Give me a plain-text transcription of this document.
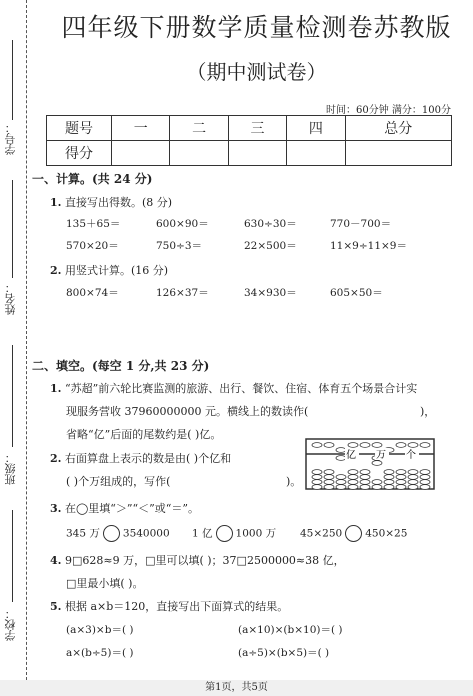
学号：
姓名：
班级：
学校：
四年级下册数学质量检测卷苏教版
（期中测试卷）
时间：60分钟 满分：100分
题号	一	二	三	四	总分
得分					
一、计算。(共 24 分)
1. 直接写出得数。(8 分)
135＋65＝	600×90＝	630÷30＝	770－700＝
570×20＝	750÷3＝	22×500＝	11×9÷11×9＝
2. 用竖式计算。(16 分)
800×74＝	126×37＝	34×930＝	605×50＝
二、填空。(每空 1 分,共 23 分)
1. “苏超”前六轮比赛监测的旅游、出行、餐饮、住宿、体育五个场景合计实
现服务营收 37960000000 元。横线上的数读作(	)，
省略“亿”后面的尾数约是( )亿。
2. 右面算盘上表示的数是由( )个亿和
( )个万组成的，写作(	)。
亿 万 个
3. 在◯里填“＞”“＜”或“＝”。
345 万 3540000 1 亿 1000 万 45×250 450×25
4. 9□628≈9 万，□里可以填( )；37□2500000≈38 亿，
□里最小填( )。
5. 根据 a×b＝120，直接写出下面算式的结果。
(a×3)×b＝( )	(a×10)×(b×10)＝( )
a×(b÷5)＝( )	(a÷5)×(b×5)＝( )
第1页，共5页
